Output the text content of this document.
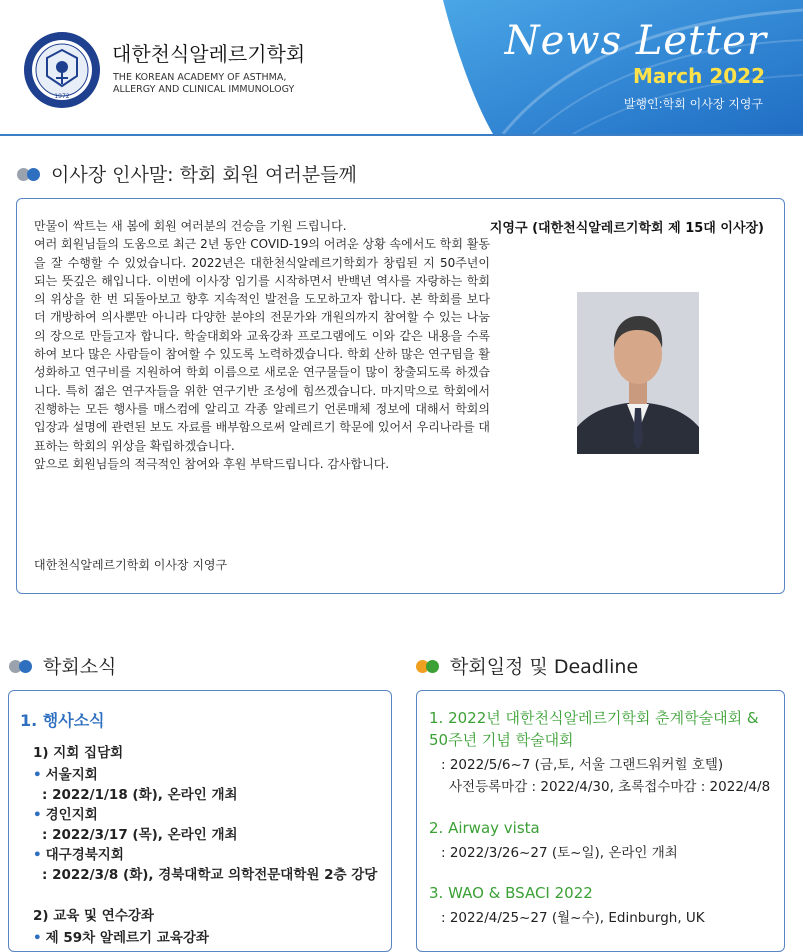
1972
대한천식알레르기학회
THE KOREAN ACADEMY OF ASTHMA,
ALLERGY AND CLINICAL IMMUNOLOGY
News Letter
March 2022
발행인:학회 이사장 지영구
이사장 인사말: 학회 회원 여러분들께

만물이 싹트는 새 봄에 회원 여러분의 건승을 기원 드립니다.

여러 회원님들의 도움으로 최근 2년 동안 COVID-19의 어려운 상황 속에서도 학회 활동을 잘 수행할 수 있었습니다. 2022년은 대한천식알레르기학회가 창립된 지 50주년이 되는 뜻깊은 해입니다. 이번에 이사장 임기를 시작하면서 반백년 역사를 자랑하는 학회의 위상을 한 번 되돌아보고 향후 지속적인 발전을 도모하고자 합니다. 본 학회를 보다 더 개방하여 의사뿐만 아니라 다양한 분야의 전문가와 개원의까지 참여할 수 있는 나눔의 장으로 만들고자 합니다. 학술대회와 교육강좌 프로그램에도 이와 같은 내용을 수록하여 보다 많은 사람들이 참여할 수 있도록 노력하겠습니다. 학회 산하 많은 연구팀을 활성화하고 연구비를 지원하여 학회 이름으로 새로운 연구물들이 많이 창출되도록 하겠습니다. 특히 젊은 연구자들을 위한 연구기반 조성에 힘쓰겠습니다. 마지막으로 학회에서 진행하는 모든 행사를 매스컴에 알리고 각종 알레르기 언론매체 정보에 대해서 학회의 입장과 설명에 관련된 보도 자료를 배부함으로써 알레르기 학문에 있어서 우리나라를 대표하는 학회의 위상을 확립하겠습니다.

앞으로 회원님들의 적극적인 참여와 후원 부탁드립니다. 감사합니다.

대한천식알레르기학회 이사장 지영구
지영구 (대한천식알레르기학회 제 15대 이사장)
학회소식
1. 행사소식
1) 지회 집담회
• 서울지회
: 2022/1/18 (화), 온라인 개최
• 경인지회
: 2022/3/17 (목), 온라인 개최
• 대구경북지회
: 2022/3/8 (화), 경북대학교 의학전문대학원 2층 강당
2) 교육 및 연수강좌
• 제 59차 알레르기 교육강좌
학회일정 및 Deadline
1. 2022년 대한천식알레르기학회 춘계학술대회 &
50주년 기념 학술대회
: 2022/5/6~7 (금,토, 서울 그랜드워커힐 호텔)
사전등록마감 : 2022/4/30, 초록접수마감 : 2022/4/8
2. Airway vista
: 2022/3/26~27 (토~일), 온라인 개최
3. WAO & BSACI 2022
: 2022/4/25~27 (월~수), Edinburgh, UK
